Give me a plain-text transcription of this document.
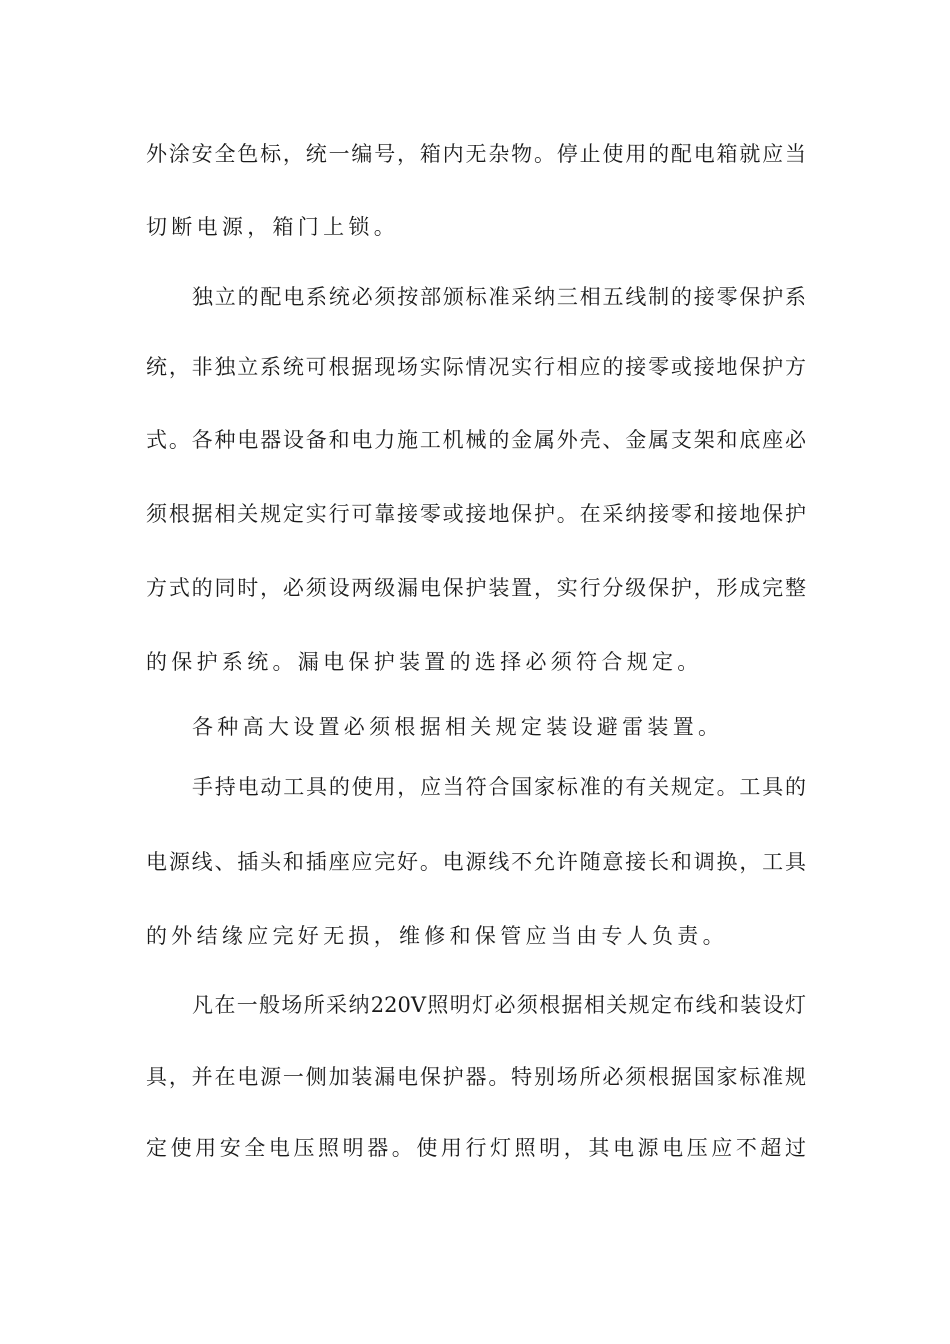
外涂安全色标，统一编号，箱内无杂物。停止使用的配电箱就应当
切断电源，箱门上锁。
独立的配电系统必须按部颁标准采纳三相五线制的接零保护系
统，非独立系统可根据现场实际情况实行相应的接零或接地保护方
式。各种电器设备和电力施工机械的金属外壳、金属支架和底座必
须根据相关规定实行可靠接零或接地保护。在采纳接零和接地保护
方式的同时，必须设两级漏电保护装置，实行分级保护，形成完整
的保护系统。漏电保护装置的选择必须符合规定。
各种高大设置必须根据相关规定装设避雷装置。
手持电动工具的使用，应当符合国家标准的有关规定。工具的
电源线、插头和插座应完好。电源线不允许随意接长和调换，工具
的外结缘应完好无损，维修和保管应当由专人负责。
凡在一般场所采纳220V照明灯必须根据相关规定布线和装设灯
具，并在电源一侧加装漏电保护器。特别场所必须根据国家标准规
定使用安全电压照明器。使用行灯照明，其电源电压应不超过
